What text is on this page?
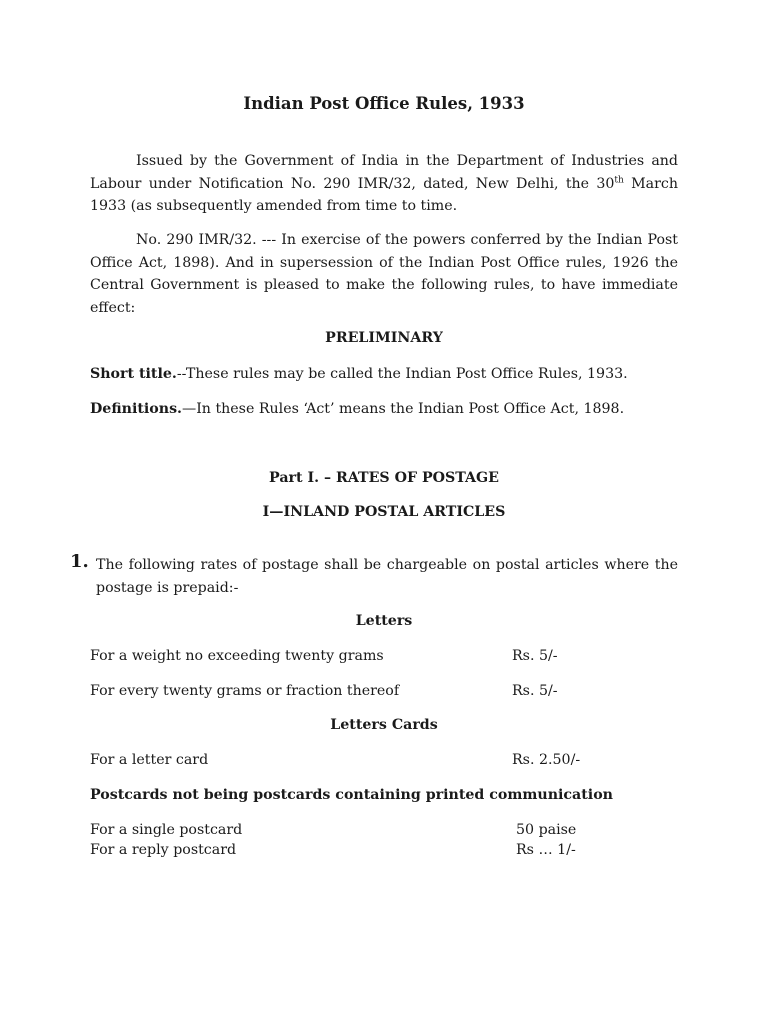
Indian Post Office Rules, 1933
Issued by the Government of India in the Department of Industries and Labour under Notification No. 290 IMR/32, dated, New Delhi, the 30th March 1933 (as subsequently amended from time to time.
No. 290 IMR/32. --- In exercise of the powers conferred by the Indian Post Office Act, 1898). And in supersession of the Indian Post Office rules, 1926 the Central Government is pleased to make the following rules, to have immediate effect:
PRELIMINARY
Short title.--These rules may be called the Indian Post Office Rules, 1933.
Definitions.—In these Rules ‘Act’ means the Indian Post Office Act, 1898.
Part I. – RATES OF POSTAGE
I—INLAND POSTAL ARTICLES
1. The following rates of postage shall be chargeable on postal articles where the postage is prepaid:-
Letters
For a weight no exceeding twenty grams	Rs. 5/-
For every twenty grams or fraction thereof	Rs. 5/-
Letters Cards
For a letter card	Rs. 2.50/-
Postcards not being postcards containing printed communication
For a single postcard	50 paise
For a reply postcard	Rs … 1/-
